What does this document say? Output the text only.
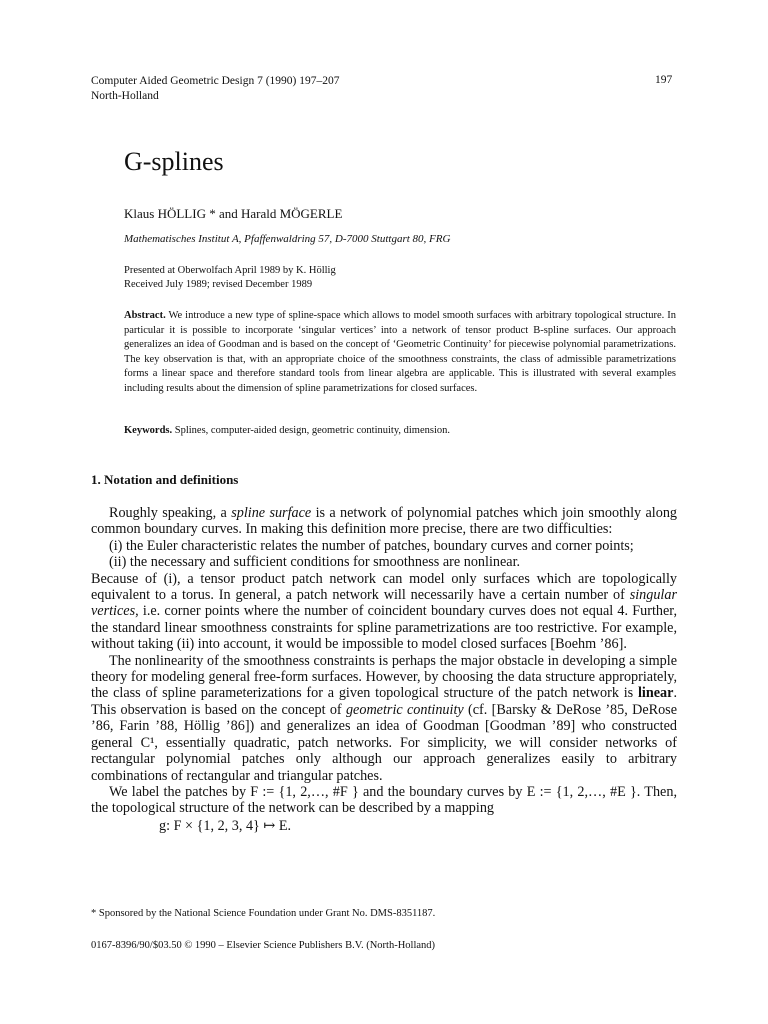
Computer Aided Geometric Design 7 (1990) 197–207
North-Holland
197
G-splines
Klaus HÖLLIG * and Harald MÖGERLE
Mathematisches Institut A, Pfaffenwaldring 57, D-7000 Stuttgart 80, FRG
Presented at Oberwolfach April 1989 by K. Höllig
Received July 1989; revised December 1989

Abstract. We introduce a new type of spline-space which allows to model smooth surfaces with arbitrary topological structure. In particular it is possible to incorporate ‘singular vertices’ into a network of tensor product B-spline surfaces. Our approach generalizes an idea of Goodman and is based on the concept of ‘Geometric Continuity’ for piecewise polynomial parametrizations. The key observation is that, with an appropriate choice of the smoothness constraints, the class of admissible parametrizations forms a linear space and therefore standard tools from linear algebra are applicable. This is illustrated with several examples including results about the dimension of spline parametrizations for closed surfaces.

Keywords. Splines, computer-aided design, geometric continuity, dimension.
1. Notation and definitions

Roughly speaking, a spline surface is a network of polynomial patches which join smoothly along common boundary curves. In making this definition more precise, there are two difficulties:

(i) the Euler characteristic relates the number of patches, boundary curves and corner points;

(ii) the necessary and sufficient conditions for smoothness are nonlinear.

Because of (i), a tensor product patch network can model only surfaces which are topologically equivalent to a torus. In general, a patch network will necessarily have a certain number of singular vertices, i.e. corner points where the number of coincident boundary curves does not equal 4. Further, the standard linear smoothness constraints for spline parametrizations are too restrictive. For example, without taking (ii) into account, it would be impossible to model closed surfaces [Boehm ’86].

The nonlinearity of the smoothness constraints is perhaps the major obstacle in developing a simple theory for modeling general free-form surfaces. However, by choosing the data structure appropriately, the class of spline parameterizations for a given topological structure of the patch network is linear. This observation is based on the concept of geometric continuity (cf. [Barsky & DeRose ’85, DeRose ’86, Farin ’88, Höllig ’86]) and generalizes an idea of Goodman [Goodman ’89] who constructed general C¹, essentially quadratic, patch networks. For simplicity, we will consider networks of rectangular polynomial patches only although our approach generalizes easily to arbitrary combinations of rectangular and triangular patches.

We label the patches by F := {1, 2,…, #F } and the boundary curves by E := {1, 2,…, #E }. Then, the topological structure of the network can be described by a mapping

g: F × {1, 2, 3, 4} ↦ E.

* Sponsored by the National Science Foundation under Grant No. DMS-8351187.
0167-8396/90/$03.50 © 1990 – Elsevier Science Publishers B.V. (North-Holland)
